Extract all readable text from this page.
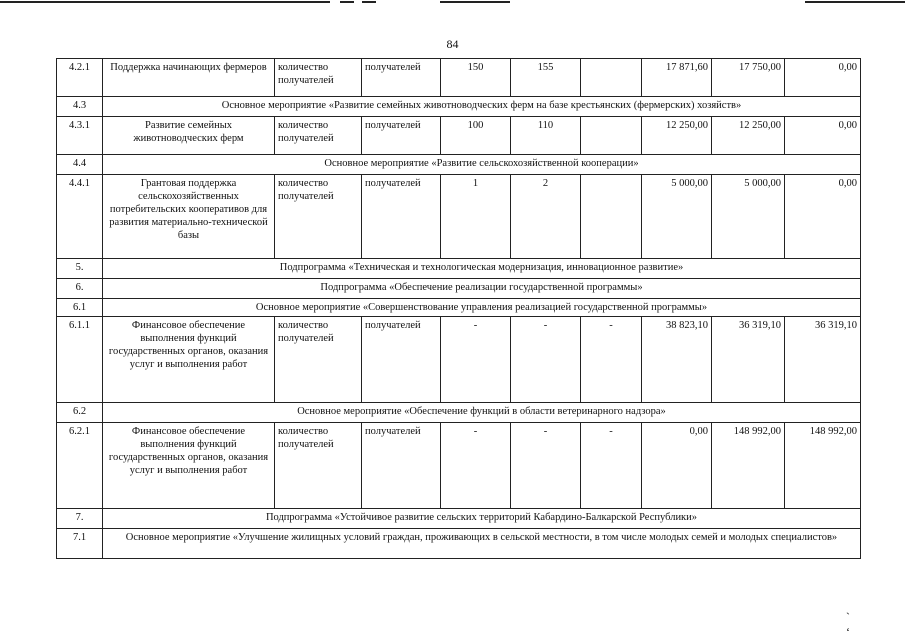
84
4.2.1	Поддержка начинающих фермеров	количество получателей	получателей	150	155		17 871,60	17 750,00	0,00
4.3	Основное мероприятие «Развитие семейных животноводческих ферм на базе крестьянских (фермерских) хозяйств»								
4.3.1	Развитие семейных животноводческих ферм	количество получателей	получателей	100	110		12 250,00	12 250,00	0,00
4.4	Основное мероприятие «Развитие сельскохозяйственной кооперации»								
4.4.1	Грантовая поддержка сельскохозяйственных потребительских кооперативов для развития материально-технической базы	количество получателей	получателей	1	2		5 000,00	5 000,00	0,00
5.	Подпрограмма «Техническая и технологическая модернизация, инновационное развитие»								
6.	Подпрограмма «Обеспечение реализации государственной программы»								
6.1	Основное мероприятие «Совершенствование управления реализацией государственной программы»								
6.1.1	Финансовое обеспечение выполнения функций государственных органов, оказания услуг и выполнения работ	количество получателей	получателей	-	-	-	38 823,10	36 319,10	36 319,10
6.2	Основное мероприятие «Обеспечение функций в области ветеринарного надзора»								
6.2.1	Финансовое обеспечение выполнения функций государственных органов, оказания услуг и выполнения работ	количество получателей	получателей	-	-	-	0,00	148 992,00	148 992,00
7.	Подпрограмма «Устойчивое развитие сельских территорий Кабардино-Балкарской Республики»								
7.1	Основное мероприятие «Улучшение жилищных условий граждан, проживающих в сельской местности, в том числе молодых семей и молодых специалистов»								
` ‘
